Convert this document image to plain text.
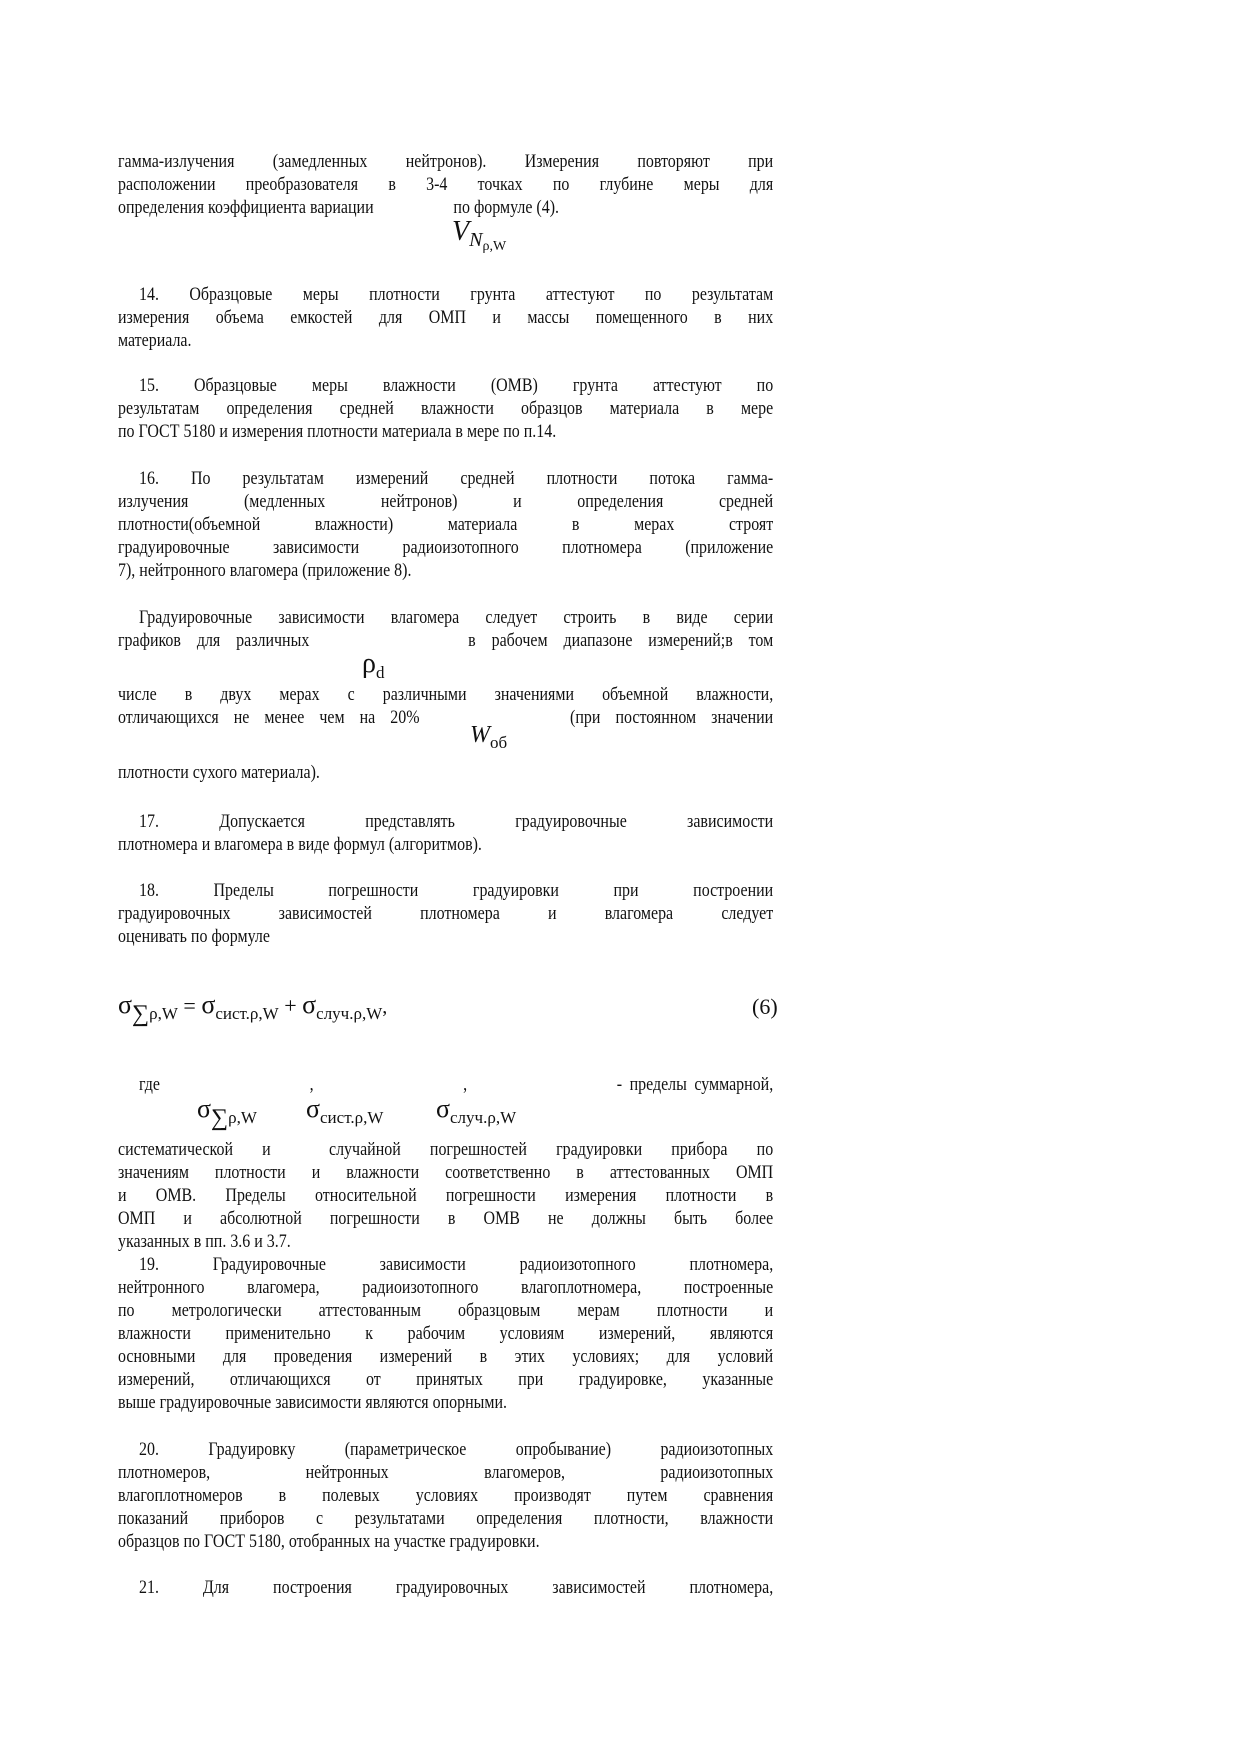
VNρ,W
ρd
Wоб
$\sigma\sum_{\rho,W} = \sigma_{сист.\rho,W} + \sigma_{случ.\rho,W}$,	(6)
$\sigma\sum_{\rho,W}$ $\sigma_{сист.\rho,W}$ $\sigma_{случ.\rho,W}$
гамма-излучения (замедленных нейтронов). Измерения повторяют при
расположении преобразователя в 3-4 точках по глубине меры для
определения коэффициента вариации                    по формуле (4).
14. Образцовые меры плотности грунта аттестуют по результатам
измерения объема емкостей для ОМП и массы помещенного в них
материала.
15. Образцовые меры влажности (ОМВ) грунта аттестуют по
результатам определения средней влажности образцов материала в мере
по ГОСТ 5180 и измерения плотности материала в мере по п.14.
16. По результатам измерений средней плотности потока гамма-
излучения (медленных нейтронов) и определения средней
плотности(объемной влажности) материала в мерах строят
градуировочные зависимости радиоизотопного плотномера (приложение
7), нейтронного влагомера (приложение 8).
Градуировочные зависимости влагомера следует строить в виде серии
графиков для различных          в рабочем диапазоне измерений;в том
числе в двух мерах с различными значениями объемной влажности,
отличающихся не менее чем на 20%          (при постоянном значении
плотности сухого материала).
17. Допускается представлять градуировочные зависимости
плотномера и влагомера в виде формул (алгоритмов).
18. Пределы погрешности градуировки при построении
градуировочных зависимостей плотномера и влагомера следует
оценивать по формуле
где                    ,                    ,                    - пределы суммарной,
систематической и  случайной погрешностей градуировки прибора по
значениям плотности и влажности соответственно в аттестованных ОМП
и ОМВ. Пределы относительной погрешности измерения плотности в
ОМП и абсолютной погрешности в ОМВ не должны быть более
указанных в пп. 3.6 и 3.7.
19. Градуировочные зависимости радиоизотопного плотномера,
нейтронного влагомера, радиоизотопного влагоплотномера, построенные
по метрологически аттестованным образцовым мерам плотности и
влажности применительно к рабочим условиям измерений, являются
основными для проведения измерений в этих условиях; для условий
измерений, отличающихся от принятых при градуировке, указанные
выше градуировочные зависимости являются опорными.
20. Градуировку (параметрическое опробывание) радиоизотопных
плотномеров, нейтронных влагомеров, радиоизотопных
влагоплотномеров в полевых условиях производят путем сравнения
показаний приборов с результатами определения плотности, влажности
образцов по ГОСТ 5180, отобранных на участке градуировки.
21. Для построения градуировочных зависимостей плотномера,
